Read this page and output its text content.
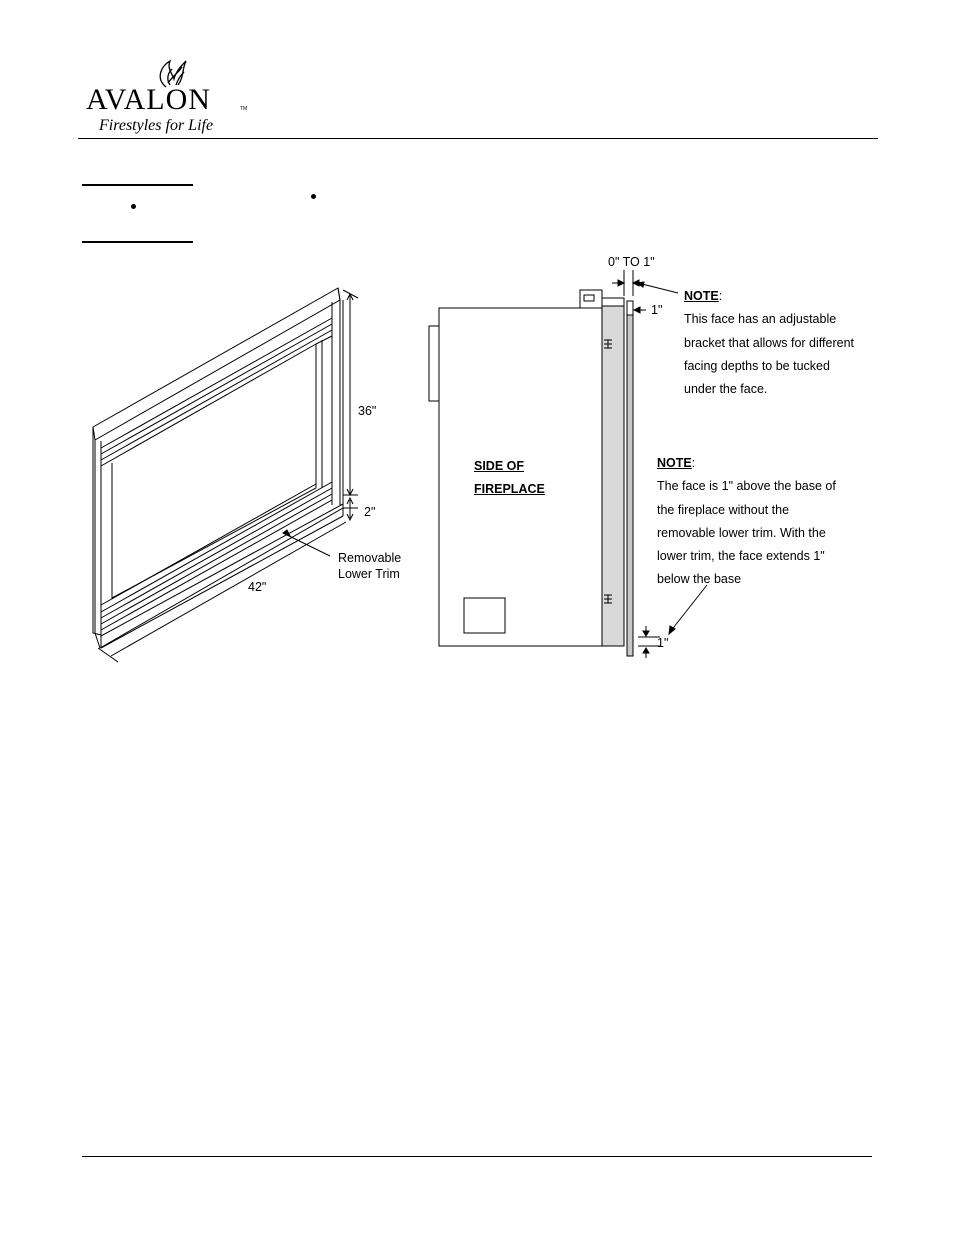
AVALON	TM
Firestyles for Life
36"
2"
42"
Removable
Lower Trim
0" TO 1"
1"
1"
SIDE OF
FIREPLACE
NOTE:
This face has an adjustable
bracket that allows for different
facing depths to be tucked
under the face.
NOTE:
The face is 1" above the base of
the fireplace without the
removable lower trim. With the
lower trim, the face extends 1"
below the base
